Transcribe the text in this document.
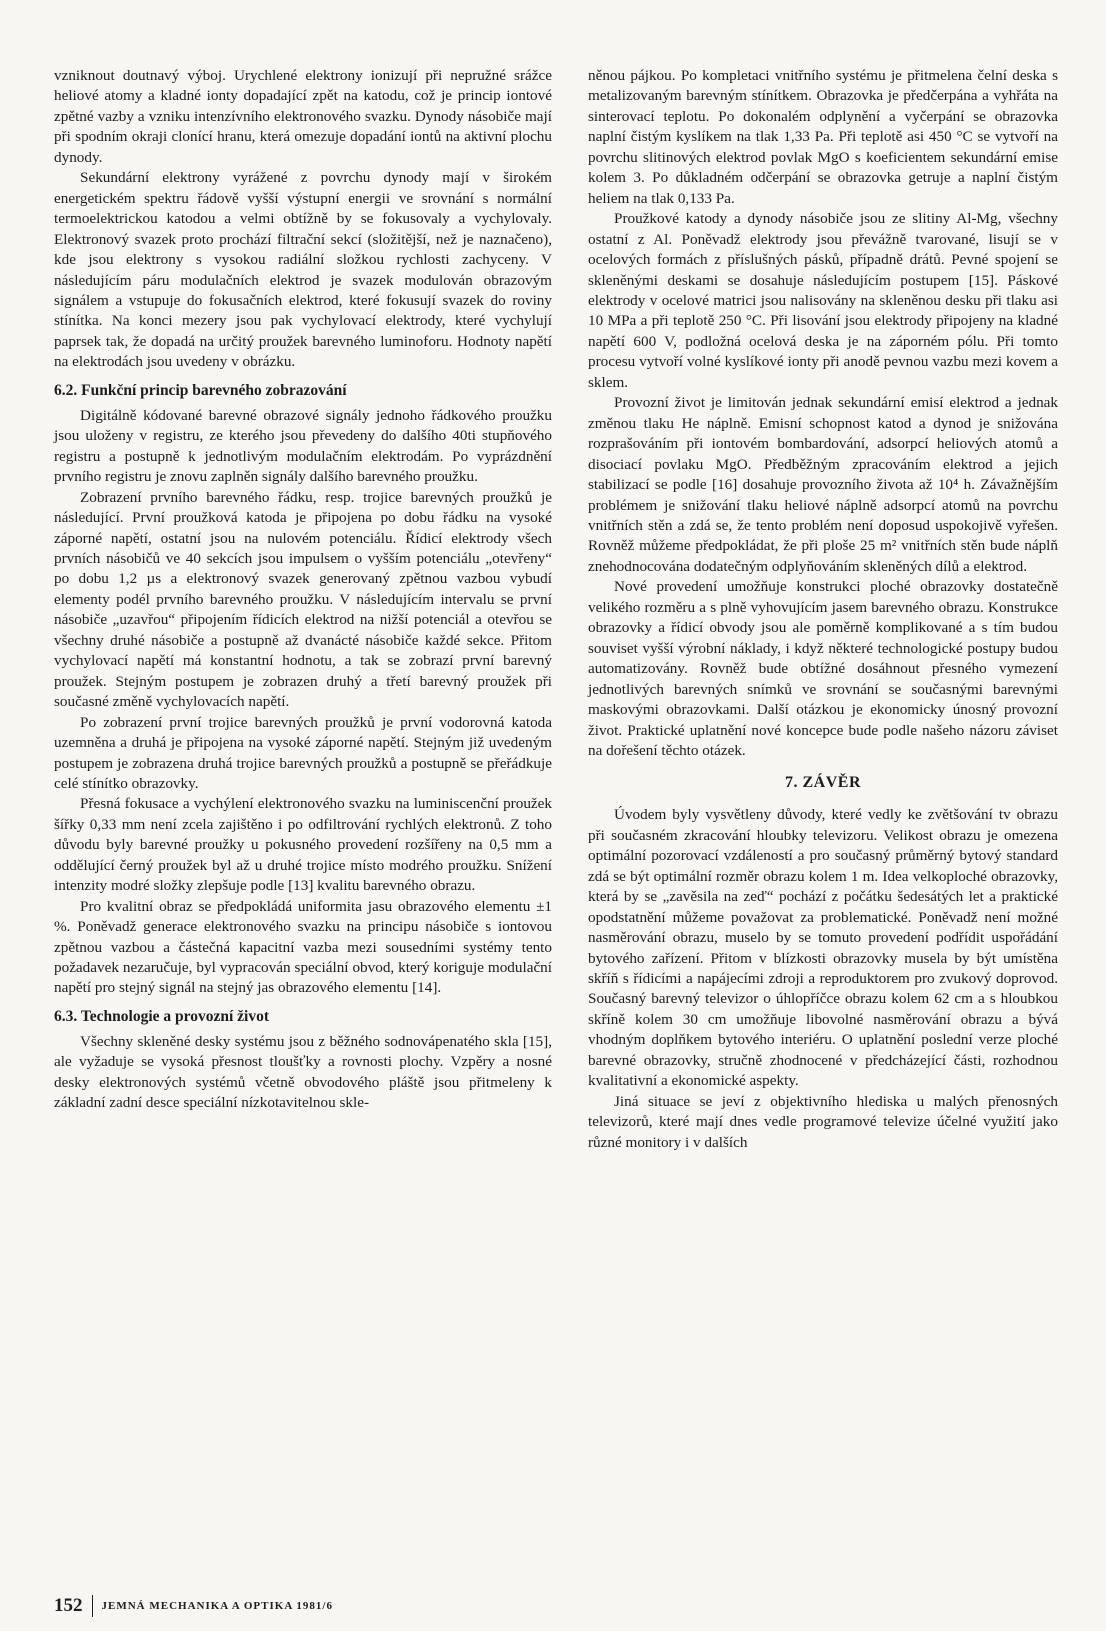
vzniknout doutnavý výboj. Urychlené elektrony ionizují při nepružné srážce heliové atomy a kladné ionty dopadající zpět na katodu, což je princip iontové zpětné vazby a vzniku intenzívního elektronového svazku. Dynody násobiče mají při spodním okraji clonící hranu, která omezuje dopadání iontů na aktivní plochu dynody.

Sekundární elektrony vyrážené z povrchu dynody mají v širokém energetickém spektru řádově vyšší výstupní energii ve srovnání s normální termoelektrickou katodou a velmi obtížně by se fokusovaly a vychylovaly. Elektronový svazek proto prochází filtrační sekcí (složitější, než je naznačeno), kde jsou elektrony s vysokou radiální složkou rychlosti zachyceny. V následujícím páru modulačních elektrod je svazek modulován obrazovým signálem a vstupuje do fokusačních elektrod, které fokusují svazek do roviny stínítka. Na konci mezery jsou pak vychylovací elektrody, které vychylují paprsek tak, že dopadá na určitý proužek barevného luminoforu. Hodnoty napětí na elektrodách jsou uvedeny v obrázku.

6.2. Funkční princip barevného zobrazování

Digitálně kódované barevné obrazové signály jednoho řádkového proužku jsou uloženy v registru, ze kterého jsou převedeny do dalšího 40ti stupňového registru a postupně k jednotlivým modulačním elektrodám. Po vyprázdnění prvního registru je znovu zaplněn signály dalšího barevného proužku.

Zobrazení prvního barevného řádku, resp. trojice barevných proužků je následující. První proužková katoda je připojena po dobu řádku na vysoké záporné napětí, ostatní jsou na nulovém potenciálu. Řídicí elektrody všech prvních násobičů ve 40 sekcích jsou impulsem o vyšším potenciálu „otevřeny“ po dobu 1,2 µs a elektronový svazek generovaný zpětnou vazbou vybudí elementy podél prvního barevného proužku. V následujícím intervalu se první násobiče „uzavřou“ připojením řídicích elektrod na nižší potenciál a otevřou se všechny druhé násobiče a postupně až dvanácté násobiče každé sekce. Přitom vychylovací napětí má konstantní hodnotu, a tak se zobrazí první barevný proužek. Stejným postupem je zobrazen druhý a třetí barevný proužek při současné změně vychylovacích napětí.

Po zobrazení první trojice barevných proužků je první vodorovná katoda uzemněna a druhá je připojena na vysoké záporné napětí. Stejným již uvedeným postupem je zobrazena druhá trojice barevných proužků a postupně se přeřádkuje celé stínítko obrazovky.

Přesná fokusace a vychýlení elektronového svazku na luminiscenční proužek šířky 0,33 mm není zcela zajištěno i po odfiltrování rychlých elektronů. Z toho důvodu byly barevné proužky u pokusného provedení rozšířeny na 0,5 mm a oddělující černý proužek byl až u druhé trojice místo modrého proužku. Snížení intenzity modré složky zlepšuje podle [13] kvalitu barevného obrazu.

Pro kvalitní obraz se předpokládá uniformita jasu obrazového elementu ±1 %. Poněvadž generace elektronového svazku na principu násobiče s iontovou zpětnou vazbou a částečná kapacitní vazba mezi sousedními systémy tento požadavek nezaručuje, byl vypracován speciální obvod, který koriguje modulační napětí pro stejný signál na stejný jas obrazového elementu [14].

6.3. Technologie a provozní život

Všechny skleněné desky systému jsou z běžného sodnovápenatého skla [15], ale vyžaduje se vysoká přesnost tloušťky a rovnosti plochy. Vzpěry a nosné desky elektronových systémů včetně obvodového pláště jsou přitmeleny k základní zadní desce speciální nízkotavitelnou skle-

něnou pájkou. Po kompletaci vnitřního systému je přitmelena čelní deska s metalizovaným barevným stínítkem. Obrazovka je předčerpána a vyhřáta na sinterovací teplotu. Po dokonalém odplynění a vyčerpání se obrazovka naplní čistým kyslíkem na tlak 1,33 Pa. Při teplotě asi 450 °C se vytvoří na povrchu slitinových elektrod povlak MgO s koeficientem sekundární emise kolem 3. Po důkladném odčerpání se obrazovka getruje a naplní čistým heliem na tlak 0,133 Pa.

Proužkové katody a dynody násobiče jsou ze slitiny Al-Mg, všechny ostatní z Al. Poněvadž elektrody jsou převážně tvarované, lisují se v ocelových formách z příslušných pásků, případně drátů. Pevné spojení se skleněnými deskami se dosahuje následujícím postupem [15]. Páskové elektrody v ocelové matrici jsou nalisovány na skleněnou desku při tlaku asi 10 MPa a při teplotě 250 °C. Při lisování jsou elektrody připojeny na kladné napětí 600 V, podložná ocelová deska je na záporném pólu. Při tomto procesu vytvoří volné kyslíkové ionty při anodě pevnou vazbu mezi kovem a sklem.

Provozní život je limitován jednak sekundární emisí elektrod a jednak změnou tlaku He náplně. Emisní schopnost katod a dynod je snižována rozprašováním při iontovém bombardování, adsorpcí heliových atomů a disociací povlaku MgO. Předběžným zpracováním elektrod a jejich stabilizací se podle [16] dosahuje provozního života až 10⁴ h. Závažnějším problémem je snižování tlaku heliové náplně adsorpcí atomů na povrchu vnitřních stěn a zdá se, že tento problém není doposud uspokojivě vyřešen. Rovněž můžeme předpokládat, že při ploše 25 m² vnitřních stěn bude náplň znehodnocována dodatečným odplyňováním skleněných dílů a elektrod.

Nové provedení umožňuje konstrukci ploché obrazovky dostatečně velikého rozměru a s plně vyhovujícím jasem barevného obrazu. Konstrukce obrazovky a řídicí obvody jsou ale poměrně komplikované a s tím budou souviset vyšší výrobní náklady, i když některé technologické postupy budou automatizovány. Rovněž bude obtížné dosáhnout přesného vymezení jednotlivých barevných snímků ve srovnání se současnými barevnými maskovými obrazovkami. Další otázkou je ekonomicky únosný provozní život. Praktické uplatnění nové koncepce bude podle našeho názoru záviset na dořešení těchto otázek.

7. ZÁVĚR

Úvodem byly vysvětleny důvody, které vedly ke zvětšování tv obrazu při současném zkracování hloubky televizoru. Velikost obrazu je omezena optimální pozorovací vzdáleností a pro současný průměrný bytový standard zdá se být optimální rozměr obrazu kolem 1 m. Idea velkoploché obrazovky, která by se „zavěsila na zeď“ pochází z počátku šedesátých let a praktické opodstatnění můžeme považovat za problematické. Poněvadž není možné nasměrování obrazu, muselo by se tomuto provedení podřídit uspořádání bytového zařízení. Přitom v blízkosti obrazovky musela by být umístěna skříň s řídicími a napájecími zdroji a reproduktorem pro zvukový doprovod. Současný barevný televizor o úhlopříčce obrazu kolem 62 cm a s hloubkou skříně kolem 30 cm umožňuje libovolné nasměrování obrazu a bývá vhodným doplňkem bytového interiéru. O uplatnění poslední verze ploché barevné obrazovky, stručně zhodnocené v předcházející části, rozhodnou kvalitativní a ekonomické aspekty.

Jiná situace se jeví z objektivního hlediska u malých přenosných televizorů, které mají dnes vedle programové televize účelné využití jako různé monitory i v dalších

152 JEMNÁ MECHANIKA A OPTIKA 1981/6
